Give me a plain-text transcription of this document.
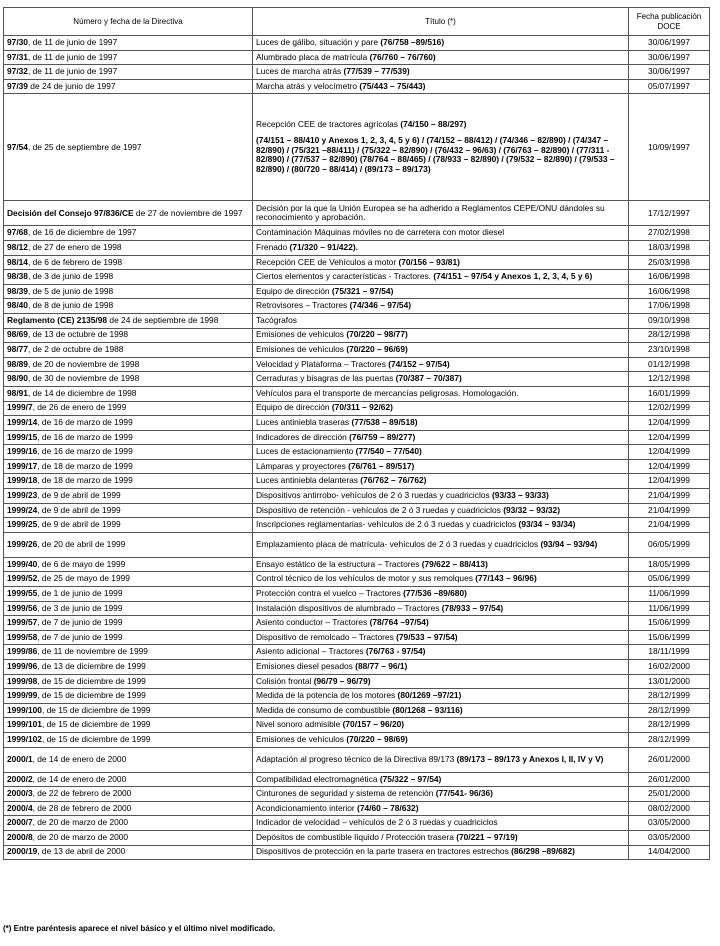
Número y fecha de la Directiva	Título (*)	Fecha publicación DOCE
97/30, de 11 de junio de 1997	Luces de gálibo, situación y pare (76/758 –89/516)	30/06/1997
97/31, de 11 de junio de 1997	Alumbrado placa de matrícula (76/760 – 76/760)	30/06/1997
97/32, de 11 de junio de 1997	Luces de marcha atrás (77/539 – 77/539)	30/06/1997
97/39 de 24 de junio de 1997	Marcha atrás y velocímetro (75/443 – 75/443)	05/07/1997
97/54, de 25 de septiembre de 1997	Recepción CEE de tractores agrícolas (74/150 – 88/297)
(74/151 – 88/410 y Anexos 1, 2, 3, 4, 5 y 6) / (74/152 – 88/412) / (74/346 – 82/890) / (74/347 – 82/890) / (75/321 –88/411) / (75/322 – 82/890) / (76/432 – 96/63) / (76/763 – 82/890) / (77/311 - 82/890) / (77/537 – 82/890) (78/764 – 88/465) / (78/933 – 82/890) / (79/532 – 82/890) / (79/533 – 82/890) / (80/720 – 88/414) / (89/173 – 89/173)	10/09/1997
Decisión del Consejo 97/836/CE de 27 de noviembre de 1997	Decisión por la que la Unión Europea se ha adherido a Reglamentos CEPE/ONU dándoles su reconocimiento y aprobación.	17/12/1997
97/68, de 16 de diciembre de 1997	Contaminación Máquinas móviles no de carretera con motor diesel	27/02/1998
98/12, de 27 de enero de 1998	Frenado (71/320 – 91/422).	18/03/1998
98/14, de 6 de febrero de 1998	Recepción CEE de Vehículos a motor (70/156 – 93/81)	25/03/1998
98/38, de 3 de junio de 1998	Ciertos elementos y características - Tractores. (74/151 – 97/54 y Anexos 1, 2, 3, 4, 5 y 6)	16/06/1998
98/39, de 5 de junio de 1998	Equipo de dirección (75/321 – 97/54)	16/06/1998
98/40, de 8 de junio de 1998	Retrovisores – Tractores (74/346 – 97/54)	17/06/1998
Reglamento (CE) 2135/98 de 24 de septiembre de 1998	Tacógrafos	09/10/1998
98/69, de 13 de octubre de 1998	Emisiones de vehículos (70/220 – 98/77)	28/12/1998
98/77, de 2 de octubre de 1988	Emisiones de vehículos (70/220 – 96/69)	23/10/1998
98/89, de 20 de noviembre de 1998	Velocidad y Plataforma – Tractores (74/152 – 97/54)	01/12/1998
98/90, de 30 de noviembre de 1998	Cerraduras y bisagras de las puertas (70/387 – 70/387)	12/12/1998
98/91, de 14 de diciembre de 1998	Vehículos para el transporte de mercancías peligrosas. Homologación.	16/01/1999
1999/7, de 26 de enero de 1999	Equipo de dirección (70/311 – 92/62)	12/02/1999
1999/14, de 16 de marzo de 1999	Luces antiniebla traseras (77/538 – 89/518)	12/04/1999
1999/15, de 16 de marzo de 1999	Indicadores de dirección (76/759 – 89/277)	12/04/1999
1999/16, de 16 de marzo de 1999	Luces de estacionamiento (77/540 – 77/540)	12/04/1999
1999/17, de 18 de marzo de 1999	Lámparas y proyectores (76/761 – 89/517)	12/04/1999
1999/18, de 18 de marzo de 1999	Luces antiniebla delanteras (76/762 – 76/762)	12/04/1999
1999/23, de 9 de abril de 1999	Dispositivos antirrobo- vehículos de 2 ó 3 ruedas y cuadriciclos (93/33 – 93/33)	21/04/1999
1999/24, de 9 de abril de 1999	Dispositivo de retención - vehículos de 2 ó 3 ruedas y cuadriciclos (93/32 – 93/32)	21/04/1999
1999/25, de 9 de abril de 1999	Inscripciones reglamentarias- vehículos de 2 ó 3 ruedas y cuadriciclos (93/34 – 93/34)	21/04/1999
1999/26, de 20 de abril de 1999	Emplazamiento placa de matrícula- vehículos de 2 ó 3 ruedas y cuadriciclos (93/94 – 93/94)	06/05/1999
1999/40, de 6 de mayo de 1999	Ensayo estático de la estructura – Tractores (79/622 – 88/413)	18/05/1999
1999/52, de 25 de mayo de 1999	Control técnico de los vehículos de motor y sus remolques (77/143 – 96/96)	05/06/1999
1999/55, de 1 de junio de 1999	Protección contra el vuelco – Tractores (77/536 –89/680)	11/06/1999
1999/56, de 3 de junio de 1999	Instalación dispositivos de alumbrado – Tractores (78/933 – 97/54)	11/06/1999
1999/57, de 7 de junio de 1999	Asiento conductor – Tractores (78/764 –97/54)	15/06/1999
1999/58, de 7 de junio de 1999	Dispositivo de remolcado – Tractores (79/533 – 97/54)	15/06/1999
1999/86, de 11 de noviembre de 1999	Asiento adicional – Tractores (76/763 - 97/54)	18/11/1999
1999/96, de 13 de diciembre de 1999	Emisiones diesel pesados (88/77 – 96/1)	16/02/2000
1999/98, de 15 de diciembre de 1999	Colisión frontal (96/79 – 96/79)	13/01/2000
1999/99, de 15 de diciembre de 1999	Medida de la potencia de los motores (80/1269 –97/21)	28/12/1999
1999/100, de 15 de diciembre de 1999	Medida de consumo de combustible (80/1268 – 93/116)	28/12/1999
1999/101, de 15 de diciembre de 1999	Nivel sonoro admisible (70/157 – 96/20)	28/12/1999
1999/102, de 15 de diciembre de 1999	Emisiones de vehículos (70/220 – 98/69)	28/12/1999
2000/1, de 14 de enero de 2000	Adaptación al progreso técnico de la Directiva 89/173 (89/173 – 89/173 y Anexos I, II, IV y V)	26/01/2000
2000/2, de 14 de enero de 2000	Compatibilidad electromagnética (75/322 – 97/54)	26/01/2000
2000/3, de 22 de febrero de 2000	Cinturones de seguridad y sistema de retención (77/541- 96/36)	25/01/2000
2000/4, de 28 de febrero de 2000	Acondicionamiento interior (74/60 – 78/632)	08/02/2000
2000/7, de 20 de marzo de 2000	Indicador de velocidad – vehículos de 2 ó 3 ruedas y cuadriciclos	03/05/2000
2000/8, de 20 de marzo de 2000	Depósitos de combustible líquido / Protección trasera (70/221 – 97/19)	03/05/2000
2000/19, de 13 de abril de 2000	Dispositivos de protección en la parte trasera en tractores estrechos (86/298 –89/682)	14/04/2000
(*) Entre paréntesis aparece el nivel básico y el último nivel modificado.
